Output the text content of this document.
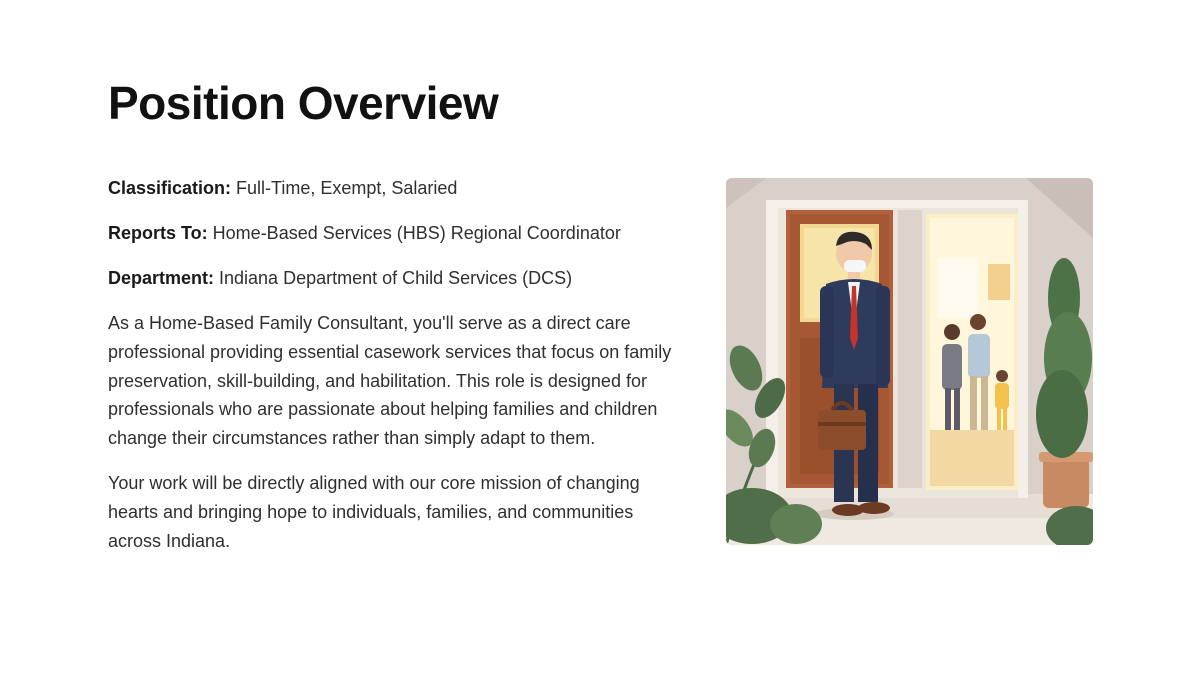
Position Overview

Classification: Full-Time, Exempt, Salaried

Reports To: Home-Based Services (HBS) Regional Coordinator

Department: Indiana Department of Child Services (DCS)

As a Home-Based Family Consultant, you'll serve as a direct care professional providing essential casework services that focus on family preservation, skill-building, and habilitation. This role is designed for professionals who are passionate about helping families and children change their circumstances rather than simply adapt to them.

Your work will be directly aligned with our core mission of changing hearts and bringing hope to individuals, families, and communities across Indiana.
